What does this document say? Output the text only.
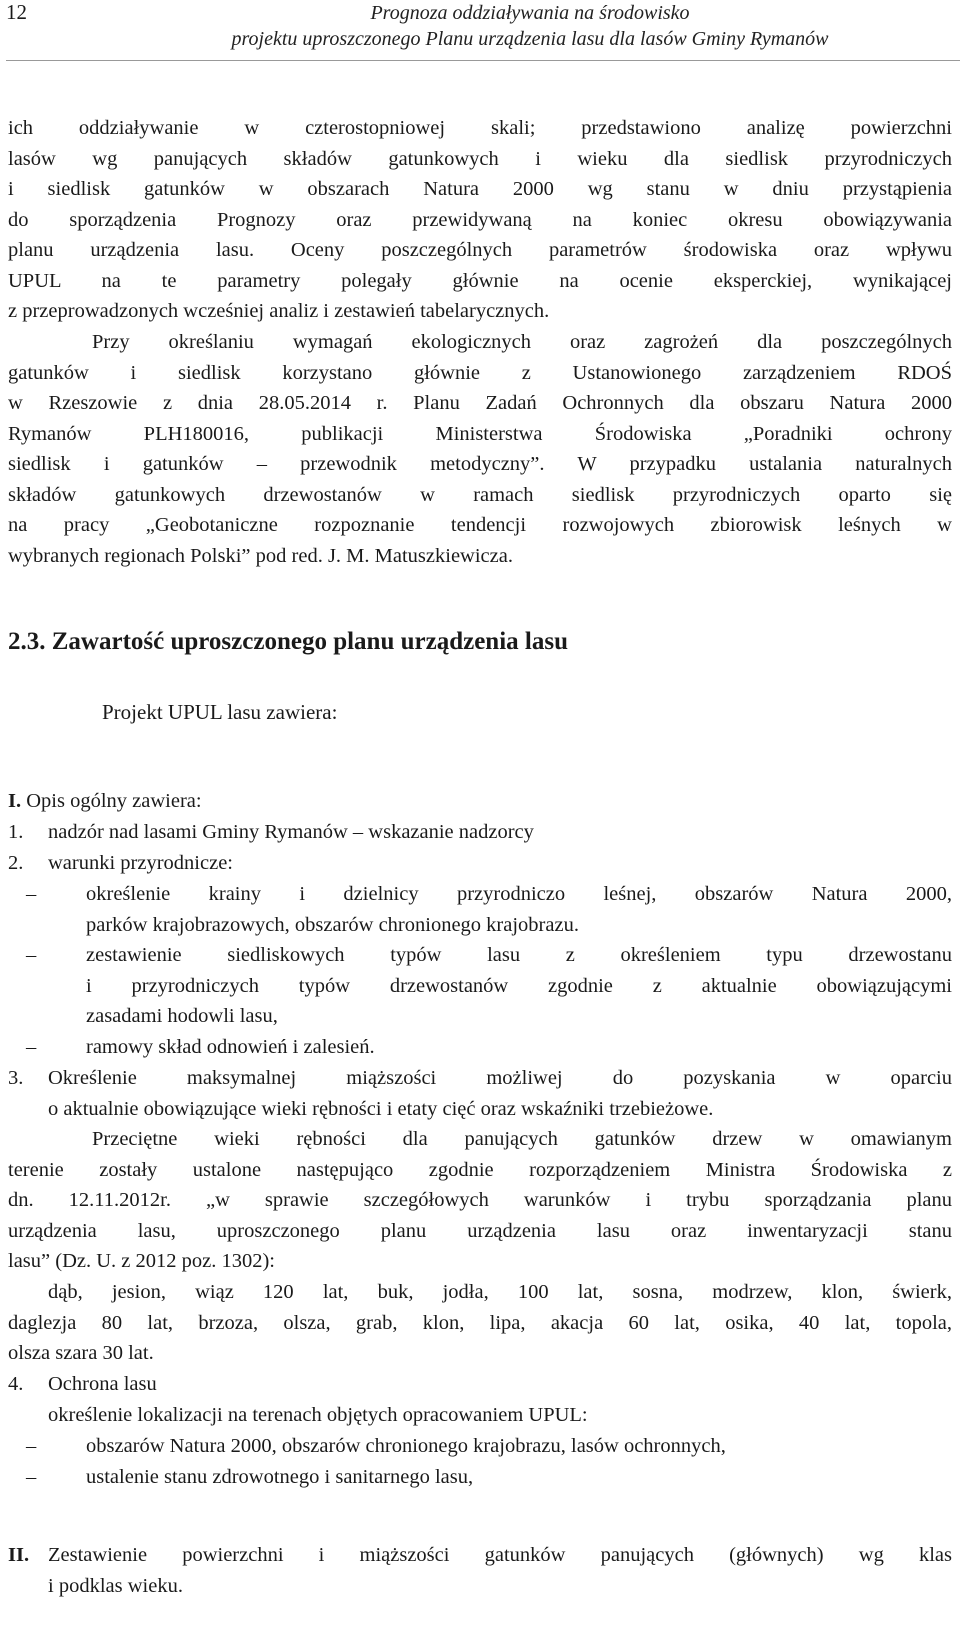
12	Prognoza oddziaływania na środowisko
projektu uproszczonego Planu urządzenia lasu dla lasów Gminy Rymanów
ich oddziaływanie w czterostopniowej skali; przedstawiono analizę powierzchni
lasów wg panujących składów gatunkowych i wieku dla siedlisk przyrodniczych
i siedlisk gatunków w obszarach Natura 2000 wg stanu w dniu przystąpienia
do sporządzenia Prognozy oraz przewidywaną na koniec okresu obowiązywania
planu urządzenia lasu. Oceny poszczególnych parametrów środowiska oraz wpływu
UPUL na te parametry polegały głównie na ocenie eksperckiej, wynikającej
z przeprowadzonych wcześniej analiz i zestawień tabelarycznych.
Przy określaniu wymagań ekologicznych oraz zagrożeń dla poszczególnych
gatunków i siedlisk korzystano głównie z Ustanowionego zarządzeniem RDOŚ
w Rzeszowie z dnia 28.05.2014 r. Planu Zadań Ochronnych dla obszaru Natura 2000
Rymanów PLH180016, publikacji Ministerstwa Środowiska „Poradniki ochrony
siedlisk i gatunków – przewodnik metodyczny”. W przypadku ustalania naturalnych
składów gatunkowych drzewostanów w ramach siedlisk przyrodniczych oparto się
na pracy „Geobotaniczne rozpoznanie tendencji rozwojowych zbiorowisk leśnych w
wybranych regionach Polski” pod red. J. M. Matuszkiewicza.
2.3. Zawartość uproszczonego planu urządzenia lasu
Projekt UPUL lasu zawiera:
I. Opis ogólny zawiera:
1. nadzór nad lasami Gminy Rymanów – wskazanie nadzorcy
2. warunki przyrodnicze:
– określenie krainy i dzielnicy przyrodniczo leśnej, obszarów Natura 2000,
parków krajobrazowych, obszarów chronionego krajobrazu.
– zestawienie siedliskowych typów lasu z określeniem typu drzewostanu
i przyrodniczych typów drzewostanów zgodnie z aktualnie obowiązującymi
zasadami hodowli lasu,
– ramowy skład odnowień i zalesień.
3. Określenie maksymalnej miąższości możliwej do pozyskania w oparciu
o aktualnie obowiązujące wieki rębności i etaty cięć oraz wskaźniki trzebieżowe.
Przeciętne wieki rębności dla panujących gatunków drzew w omawianym
terenie zostały ustalone następująco zgodnie rozporządzeniem Ministra Środowiska z
dn. 12.11.2012r. „w sprawie szczegółowych warunków i trybu sporządzania planu
urządzenia lasu, uproszczonego planu urządzenia lasu oraz inwentaryzacji stanu
lasu” (Dz. U. z 2012 poz. 1302):
dąb, jesion, wiąz 120 lat, buk, jodła, 100 lat, sosna, modrzew, klon, świerk,
daglezja 80 lat, brzoza, olsza, grab, klon, lipa, akacja 60 lat, osika, 40 lat, topola,
olsza szara 30 lat.
4. Ochrona lasu
określenie lokalizacji na terenach objętych opracowaniem UPUL:
– obszarów Natura 2000, obszarów chronionego krajobrazu, lasów ochronnych,
– ustalenie stanu zdrowotnego i sanitarnego lasu,
II. Zestawienie powierzchni i miąższości gatunków panujących (głównych) wg klas
i podklas wieku.
